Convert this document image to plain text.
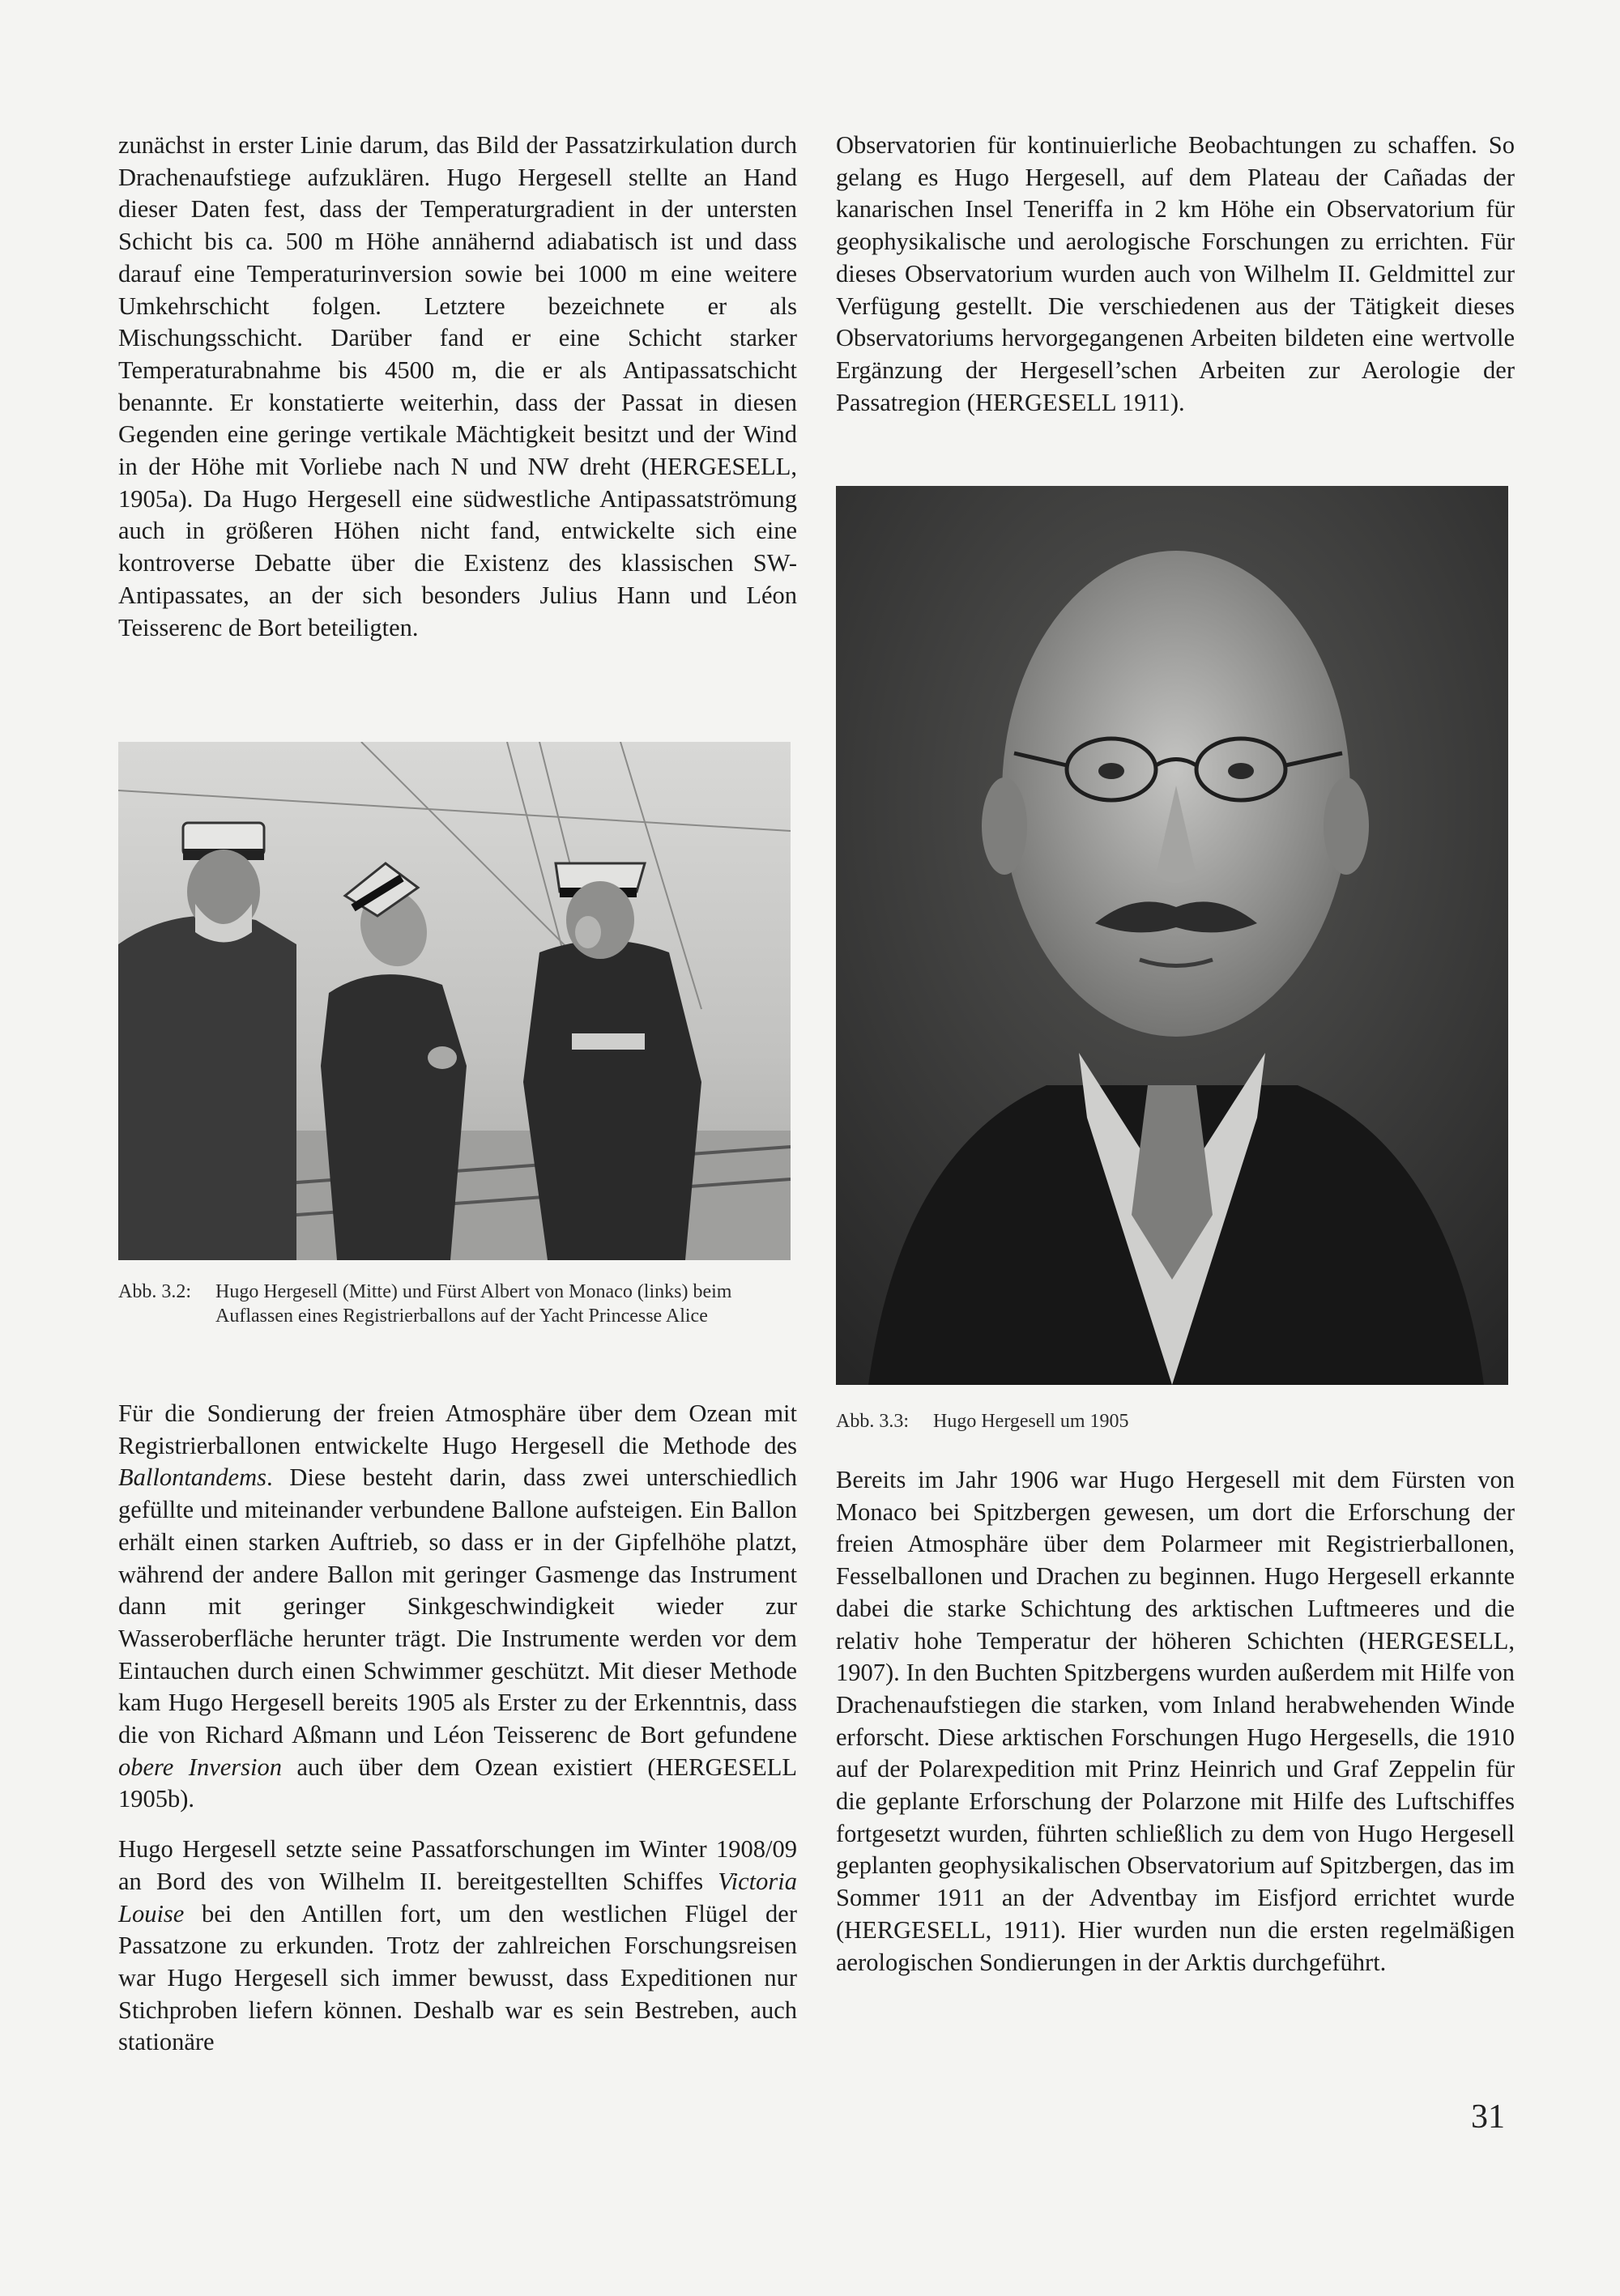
zunächst in erster Linie darum, das Bild der Passatzirkulation durch Drachenaufstiege aufzuklären. Hugo Hergesell stellte an Hand dieser Daten fest, dass der Temperaturgradient in der untersten Schicht bis ca. 500 m Höhe annähernd adiabatisch ist und dass darauf eine Temperaturinversion sowie bei 1000 m eine weitere Umkehrschicht folgen. Letztere bezeichnete er als Mischungsschicht. Darüber fand er eine Schicht starker Temperaturabnahme bis 4500 m, die er als Antipassatschicht benannte. Er konstatierte weiterhin, dass der Passat in diesen Gegenden eine geringe vertikale Mächtigkeit besitzt und der Wind in der Höhe mit Vorliebe nach N und NW dreht (HERGESELL, 1905a). Da Hugo Hergesell eine südwestliche Antipassatströmung auch in größeren Höhen nicht fand, entwickelte sich eine kontroverse Debatte über die Existenz des klassischen SW-Antipassates, an der sich besonders Julius Hann und Léon Teisserenc de Bort beteiligten.

Abb. 3.2:	Hugo Hergesell (Mitte) und Fürst Albert von Monaco (links) beim Auflassen eines Registrierballons auf der Yacht Princesse Alice

Für die Sondierung der freien Atmosphäre über dem Ozean mit Registrierballonen entwickelte Hugo Hergesell die Methode des Ballontandems. Diese besteht darin, dass zwei unterschiedlich gefüllte und miteinander verbundene Ballone aufsteigen. Ein Ballon erhält einen starken Auftrieb, so dass er in der Gipfelhöhe platzt, während der andere Ballon mit geringer Gasmenge das Instrument dann mit geringer Sinkgeschwindigkeit wieder zur Wasseroberfläche herunter trägt. Die Instrumente werden vor dem Eintauchen durch einen Schwimmer geschützt. Mit dieser Methode kam Hugo Hergesell bereits 1905 als Erster zu der Erkenntnis, dass die von Richard Aßmann und Léon Teisserenc de Bort gefundene obere Inversion auch über dem Ozean existiert (HERGESELL 1905b).

Hugo Hergesell setzte seine Passatforschungen im Winter 1908/09 an Bord des von Wilhelm II. bereitgestellten Schiffes Victoria Louise bei den Antillen fort, um den westlichen Flügel der Passatzone zu erkunden. Trotz der zahlreichen Forschungsreisen war Hugo Hergesell sich immer bewusst, dass Expeditionen nur Stichproben liefern können. Deshalb war es sein Bestreben, auch stationäre

Observatorien für kontinuierliche Beobachtungen zu schaffen. So gelang es Hugo Hergesell, auf dem Plateau der Cañadas der kanarischen Insel Teneriffa in 2 km Höhe ein Observatorium für geophysikalische und aerologische Forschungen zu errichten. Für dieses Observatorium wurden auch von Wilhelm II. Geldmittel zur Verfügung gestellt. Die verschiedenen aus der Tätigkeit dieses Observatoriums hervorgegangenen Arbeiten bildeten eine wertvolle Ergänzung der Hergesell’schen Arbeiten zur Aerologie der Passatregion (HERGESELL 1911).

Abb. 3.3:	Hugo Hergesell um 1905

Bereits im Jahr 1906 war Hugo Hergesell mit dem Fürsten von Monaco bei Spitzbergen gewesen, um dort die Erforschung der freien Atmosphäre über dem Polarmeer mit Registrierballonen, Fesselballonen und Drachen zu beginnen. Hugo Hergesell erkannte dabei die starke Schichtung des arktischen Luftmeeres und die relativ hohe Temperatur der höheren Schichten (HERGESELL, 1907). In den Buchten Spitzbergens wurden außerdem mit Hilfe von Drachenaufstiegen die starken, vom Inland herabwehenden Winde erforscht. Diese arktischen Forschungen Hugo Hergesells, die 1910 auf der Polarexpedition mit Prinz Heinrich und Graf Zeppelin für die geplante Erforschung der Polarzone mit Hilfe des Luftschiffes fortgesetzt wurden, führten schließlich zu dem von Hugo Hergesell geplanten geophysikalischen Observatorium auf Spitzbergen, das im Sommer 1911 an der Adventbay im Eisfjord errichtet wurde (HERGESELL, 1911). Hier wurden nun die ersten regelmäßigen aerologischen Sondierungen in der Arktis durchgeführt.

31
